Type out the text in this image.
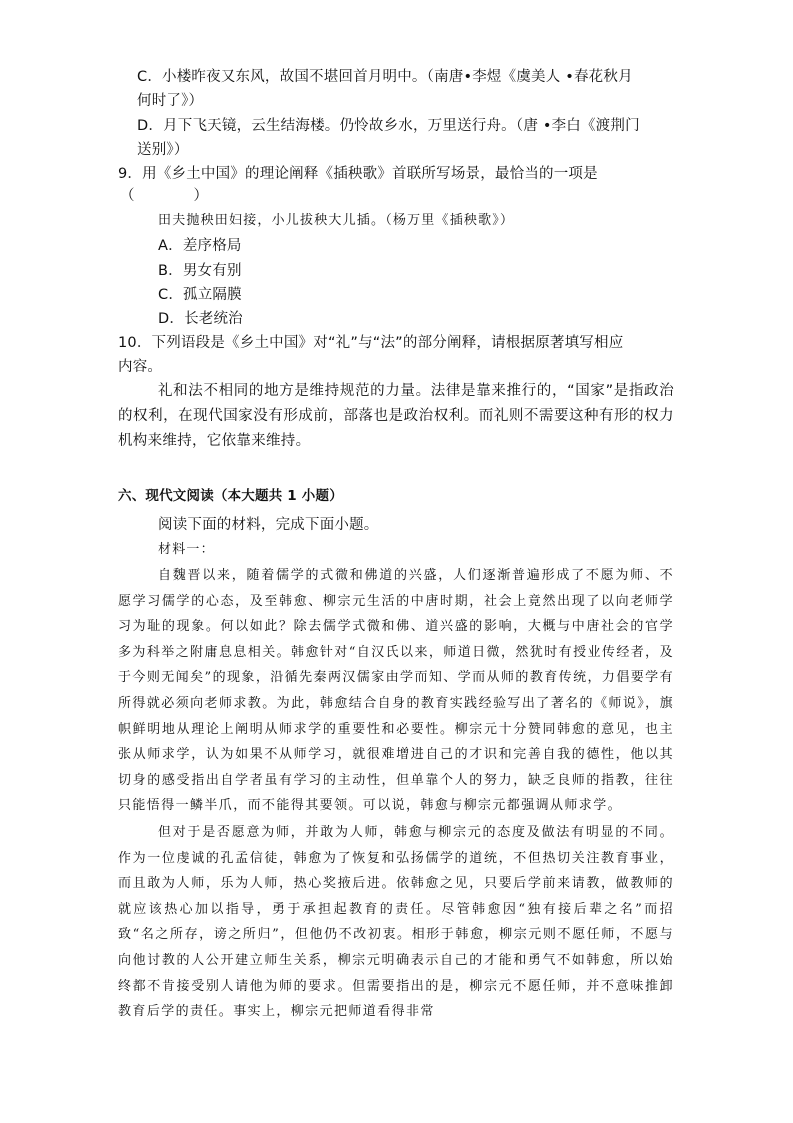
C．小楼昨夜又东风，故国不堪回首月明中。（南唐•李煜《虞美人 •春花秋月
何时了》）
D．月下飞天镜，云生结海楼。仍怜故乡水，万里送行舟。（唐 •李白《渡荆门
送别》）
9．用《乡土中国》的理论阐释《插秧歌》首联所写场景，最恰当的一项是
（　　　　）
田夫抛秧田妇接，小儿拔秧大儿插。（杨万里《插秧歌》）
A．差序格局
B．男女有别
C．孤立隔膜
D．长老统治
10．下列语段是《乡土中国》对“礼”与“法”的部分阐释，请根据原著填写相应
内容。
礼和法不相同的地方是维持规范的力量。法律是靠来推行的，“国家”是指政治的权利，在现代国家没有形成前，部落也是政治权利。而礼则不需要这种有形的权力机构来维持，它依靠来维持。
六、现代文阅读（本大题共 1 小题）
阅读下面的材料，完成下面小题。
材料一：
自魏晋以来，随着儒学的式微和佛道的兴盛，人们逐渐普遍形成了不愿为师、不愿学习儒学的心态，及至韩愈、柳宗元生活的中唐时期，社会上竟然出现了以向老师学习为耻的现象。何以如此？除去儒学式微和佛、道兴盛的影响，大概与中唐社会的官学多为科举之附庸息息相关。韩愈针对“自汉氏以来，师道日微，然犹时有授业传经者，及于今则无闻矣”的现象，沿循先秦两汉儒家由学而知、学而从师的教育传统，力倡要学有所得就必须向老师求教。为此，韩愈结合自身的教育实践经验写出了著名的《师说》，旗帜鲜明地从理论上阐明从师求学的重要性和必要性。柳宗元十分赞同韩愈的意见，也主张从师求学，认为如果不从师学习，就很难增进自己的才识和完善自我的德性，他以其切身的感受指出自学者虽有学习的主动性，但单靠个人的努力，缺乏良师的指教，往往只能悟得一鳞半爪，而不能得其要领。可以说，韩愈与柳宗元都强调从师求学。
但对于是否愿意为师，并敢为人师，韩愈与柳宗元的态度及做法有明显的不同。作为一位虔诚的孔孟信徒，韩愈为了恢复和弘扬儒学的道统，不但热切关注教育事业，而且敢为人师，乐为人师，热心奖掖后进。依韩愈之见，只要后学前来请教，做教师的就应该热心加以指导，勇于承担起教育的责任。尽管韩愈因“独有接后辈之名”而招致“名之所存，谤之所归”，但他仍不改初衷。相形于韩愈，柳宗元则不愿任师，不愿与向他讨教的人公开建立师生关系，柳宗元明确表示自己的才能和勇气不如韩愈，所以始终都不肯接受别人请他为师的要求。但需要指出的是，柳宗元不愿任师，并不意味推卸教育后学的责任。事实上，柳宗元把师道看得非常
